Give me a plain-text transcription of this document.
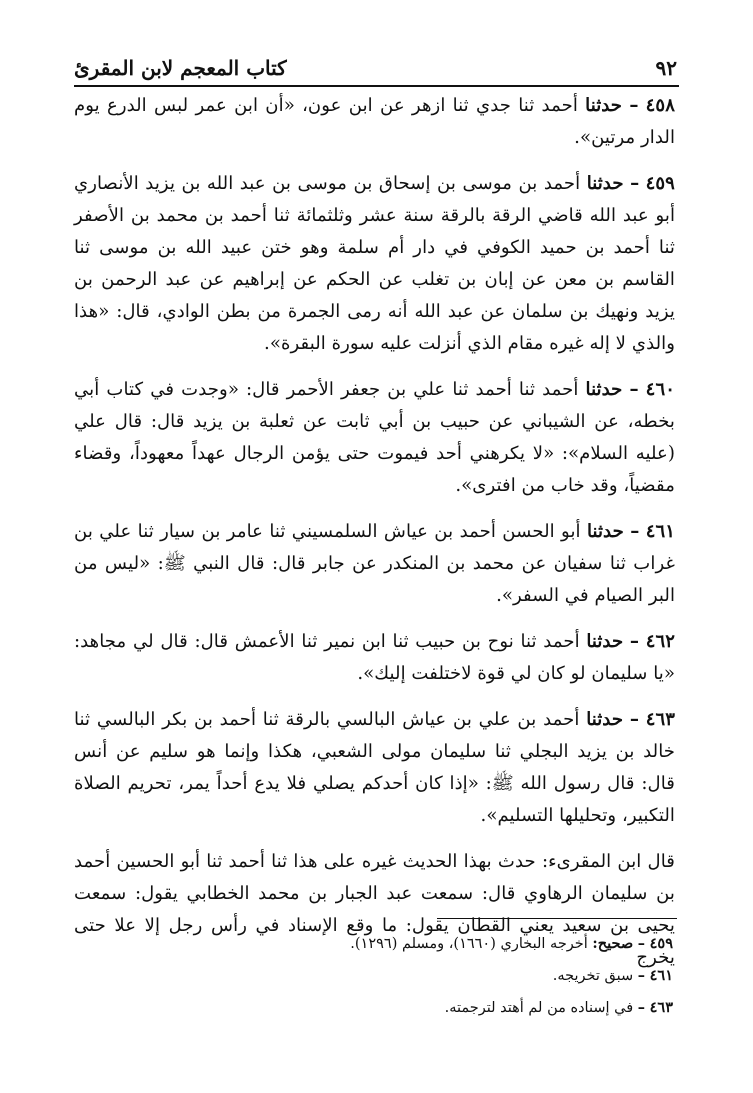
٩٢
كتاب المعجم لابن المقرئ

٤٥٨ – حدثنا أحمد ثنا جدي ثنا ازهر عن ابن عون، «أن ابن عمر لبس الدرع يوم الدار مرتين».

٤٥٩ – حدثنا أحمد بن موسى بن إسحاق بن موسى بن عبد الله بن يزيد الأنصاري أبو عبد الله قاضي الرقة بالرقة سنة عشر وثلثمائة ثنا أحمد بن محمد بن الأصفر ثنا أحمد بن حميد الكوفي في دار أم سلمة وهو ختن عبيد الله بن موسى ثنا القاسم بن معن عن إبان بن تغلب عن الحكم عن إبراهيم عن عبد الرحمن بن يزيد ونهيك بن سلمان عن عبد الله أنه رمى الجمرة من بطن الوادي، قال: «هذا والذي لا إله غيره مقام الذي أنزلت عليه سورة البقرة».

٤٦٠ – حدثنا أحمد ثنا أحمد ثنا علي بن جعفر الأحمر قال: «وجدت في كتاب أبي بخطه، عن الشيباني عن حبيب بن أبي ثابت عن ثعلبة بن يزيد قال: قال علي (عليه السلام»: «لا يكرهني أحد فيموت حتى يؤمن الرجال عهداً معهوداً، وقضاء مقضياً، وقد خاب من افترى».

٤٦١ – حدثنا أبو الحسن أحمد بن عياش السلمسيني ثنا عامر بن سيار ثنا علي بن غراب ثنا سفيان عن محمد بن المنكدر عن جابر قال: قال النبي ﷺ: «ليس من البر الصيام في السفر».

٤٦٢ – حدثنا أحمد ثنا نوح بن حبيب ثنا ابن نمير ثنا الأعمش قال: قال لي مجاهد: «يا سليمان لو كان لي قوة لاختلفت إليك».

٤٦٣ – حدثنا أحمد بن علي بن عياش البالسي بالرقة ثنا أحمد بن بكر البالسي ثنا خالد بن يزيد البجلي ثنا سليمان مولى الشعبي، هكذا وإنما هو سليم عن أنس قال: قال رسول الله ﷺ: «إذا كان أحدكم يصلي فلا يدع أحداً يمر، تحريم الصلاة التكبير، وتحليلها التسليم».

قال ابن المقرىء: حدث بهذا الحديث غيره على هذا ثنا أحمد ثنا أبو الحسين أحمد بن سليمان الرهاوي قال: سمعت عبد الجبار بن محمد الخطابي يقول: سمعت يحيى بن سعيد يعني القطان يقول: ما وقع الإسناد في رأس رجل إلا علا حتى يخرج

٤٥٩ – صحيح: أخرجه البخاري (١٦٦٠)، ومسلم (١٢٩٦).

٤٦١ – سبق تخريجه.

٤٦٣ – في إسناده من لم أهتد لترجمته.
